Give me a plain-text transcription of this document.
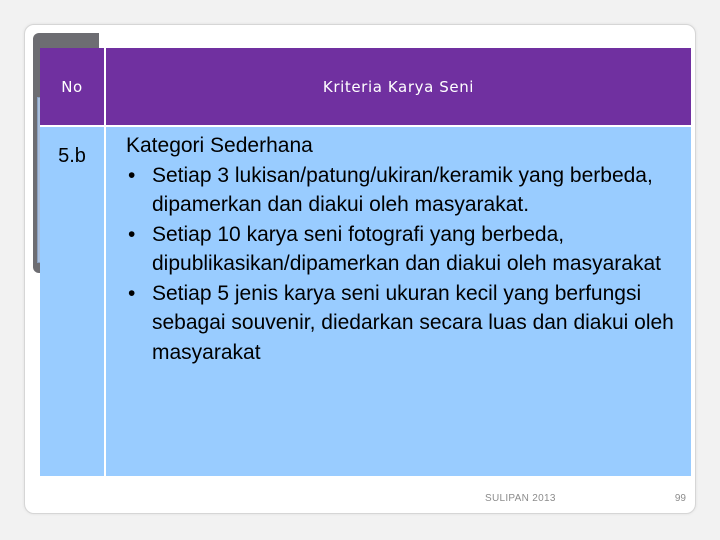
No	Kriteria Karya Seni
5.b	Kategori Sederhana
• Setiap 3 lukisan/patung/ukiran/keramik yang berbeda, dipamerkan dan diakui oleh masyarakat.
• Setiap 10 karya seni fotografi yang berbeda, dipublikasikan/dipamerkan dan diakui oleh masyarakat
• Setiap 5 jenis karya seni ukuran kecil yang berfungsi sebagai souvenir, diedarkan secara luas dan diakui oleh masyarakat
SULIPAN 2013	99
